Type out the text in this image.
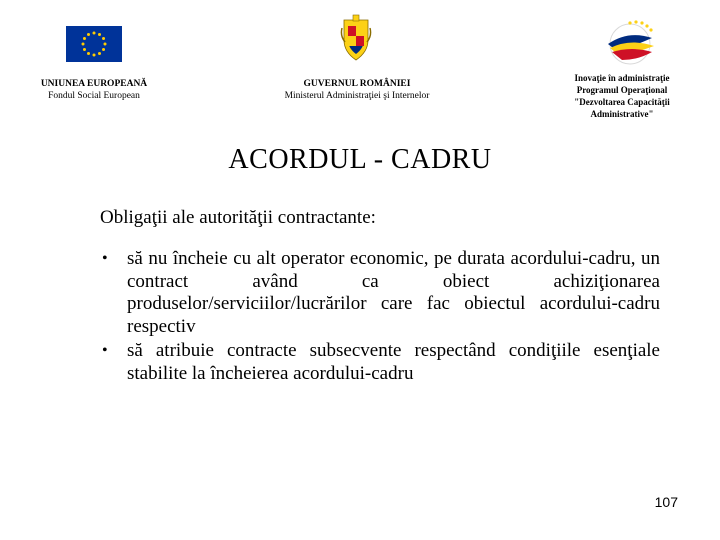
UNIUNEA EUROPEANĂ
Fondul Social European
GUVERNUL ROMÂNIEI
Ministerul Administraţiei şi Internelor
Inovaţie în administraţie
Programul Operaţional
"Dezvoltarea Capacităţii
Administrative"
ACORDUL - CADRU
Obligaţii ale autorităţii contractante:
• să nu încheie cu alt operator economic, pe durata acordului-cadru, un contract având ca obiect achiziţionarea produselor/serviciilor/lucrărilor care fac obiectul acordului-cadru respectiv
• să atribuie contracte subsecvente respectând condiţiile esenţiale stabilite la încheierea acordului-cadru
107
